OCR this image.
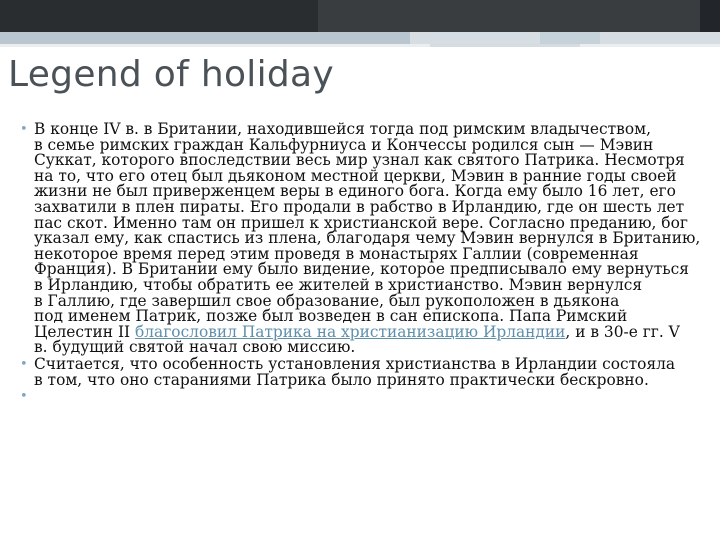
Legend of holiday
• В конце IV в. в Британии, находившейся тогда под римским владычеством,
в семье римских граждан Кальфурниуса и Кончессы родился сын — Мэвин
Суккат, которого впоследствии весь мир узнал как святого Патрика. Несмотря
на то, что его отец был дьяконом местной церкви, Мэвин в ранние годы своей
жизни не был приверженцем веры в единого бога. Когда ему было 16 лет, его
захватили в плен пираты. Его продали в рабство в Ирландию, где он шесть лет
пас скот. Именно там он пришел к христианской вере. Согласно преданию, бог
указал ему, как спастись из плена, благодаря чему Мэвин вернулся в Британию,
некоторое время перед этим проведя в монастырях Галлии (современная
Франция). В Британии ему было видение, которое предписывало ему вернуться
в Ирландию, чтобы обратить ее жителей в христианство. Мэвин вернулся
в Галлию, где завершил свое образование, был рукоположен в дьякона
под именем Патрик, позже был возведен в сан епископа. Папа Римский
Целестин II благословил Патрика на христианизацию Ирландии, и в 30-е гг. V
в. будущий святой начал свою миссию.
• Считается, что особенность установления христианства в Ирландии состояла
в том, что оно стараниями Патрика было принято практически бескровно.
•
